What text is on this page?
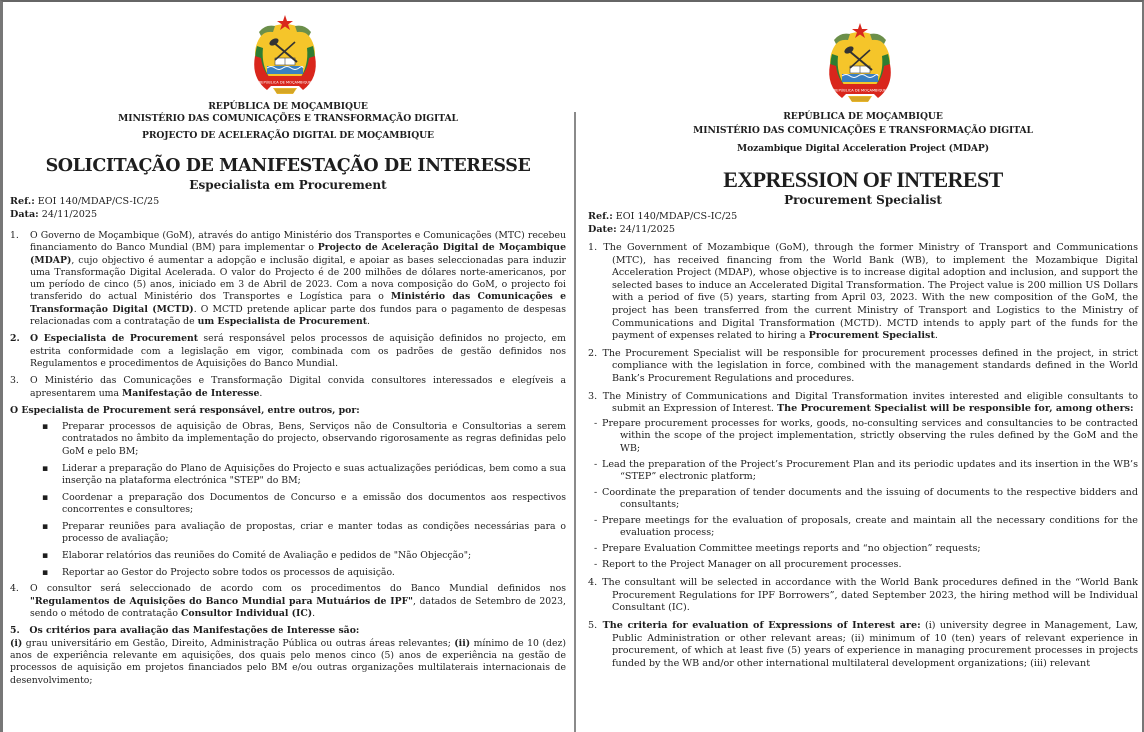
REPÚBLICA DE MOÇAMBIQUE
REPÚBLICA DE MOÇAMBIQUE
MINISTÉRIO DAS COMUNICAÇÕES E TRANSFORMAÇÃO DIGITAL
PROJECTO DE ACELERAÇÃO DIGITAL DE MOÇAMBIQUE
SOLICITAÇÃO DE MANIFESTAÇÃO DE INTERESSE
Especialista em Procurement
Ref.: EOI 140/MDAP/CS-IC/25
Data: 24/11/2025
1. O Governo de Moçambique (GoM), através do antigo Ministério dos Transportes e Comunicações (MTC) recebeu financiamento do Banco Mundial (BM) para implementar o Projecto de Aceleração Digital de Moçambique (MDAP), cujo objectivo é aumentar a adopção e inclusão digital, e apoiar as bases seleccionadas para induzir uma Transformação Digital Acelerada. O valor do Projecto é de 200 milhões de dólares norte-americanos, por um período de cinco (5) anos, iniciado em 3 de Abril de 2023. Com a nova composição do GoM, o projecto foi transferido do actual Ministério dos Transportes e Logística para o Ministério das Comunicações e Transformação Digital (MCTD). O MCTD pretende aplicar parte dos fundos para o pagamento de despesas relacionadas com a contratação de um Especialista de Procurement.
2. O Especialista de Procurement será responsável pelos processos de aquisição definidos no projecto, em estrita conformidade com a legislação em vigor, combinada com os padrões de gestão definidos nos Regulamentos e procedimentos de Aquisições do Banco Mundial.
3. O Ministério das Comunicações e Transformação Digital convida consultores interessados e elegíveis a apresentarem uma Manifestação de Interesse.
O Especialista de Procurement será responsável, entre outros, por:
▪ Preparar processos de aquisição de Obras, Bens, Serviços não de Consultoria e Consultorias a serem contratados no âmbito da implementação do projecto, observando rigorosamente as regras definidas pelo GoM e pelo BM;
▪ Liderar a preparação do Plano de Aquisições do Projecto e suas actualizações periódicas, bem como a sua inserção na plataforma electrónica "STEP" do BM;
▪ Coordenar a preparação dos Documentos de Concurso e a emissão dos documentos aos respectivos concorrentes e consultores;
▪ Preparar reuniões para avaliação de propostas, criar e manter todas as condições necessárias para o processo de avaliação;
▪ Elaborar relatórios das reuniões do Comité de Avaliação e pedidos de "Não Objecção";
▪ Reportar ao Gestor do Projecto sobre todos os processos de aquisição.
4. O consultor será seleccionado de acordo com os procedimentos do Banco Mundial definidos nos "Regulamentos de Aquisições do Banco Mundial para Mutuários de IPF", datados de Setembro de 2023, sendo o método de contratação Consultor Individual (IC).
5.   Os critérios para avaliação das Manifestações de Interesse são:
(i) grau universitário em Gestão, Direito, Administração Pública ou outras áreas relevantes; (ii) mínimo de 10 (dez) anos de experiência relevante em aquisições, dos quais pelo menos cinco (5) anos de experiência na gestão de processos de aquisição em projetos financiados pelo BM e/ou outras organizações multilaterais internacionais de desenvolvimento;
REPÚBLICA DE MOÇAMBIQUE
REPÚBLICA DE MOÇAMBIQUE
MINISTÉRIO DAS COMUNICAÇÕES E TRANSFORMAÇÃO DIGITAL
Mozambique Digital Acceleration Project (MDAP)
EXPRESSION OF INTEREST
Procurement Specialist
Ref.: EOI 140/MDAP/CS-IC/25
Date: 24/11/2025
1. The Government of Mozambique (GoM), through the former Ministry of Transport and Communications (MTC), has received financing from the World Bank (WB), to implement the Mozambique Digital Acceleration Project (MDAP), whose objective is to increase digital adoption and inclusion, and support the selected bases to induce an Accelerated Digital Transformation. The Project value is 200 million US Dollars with a period of five (5) years, starting from April 03, 2023. With the new composition of the GoM, the project has been transferred from the current Ministry of Transport and Logistics to the Ministry of Communications and Digital Transformation (MCTD). MCTD intends to apply part of the funds for the payment of expenses related to hiring a Procurement Specialist.
2. The Procurement Specialist will be responsible for procurement processes defined in the project, in strict compliance with the legislation in force, combined with the management standards defined in the World Bank’s Procurement Regulations and procedures.
3. The Ministry of Communications and Digital Transformation invites interested and eligible consultants to submit an Expression of Interest. The Procurement Specialist will be responsible for, among others:
- Prepare procurement processes for works, goods, no-consulting services and consultancies to be contracted within the scope of the project implementation, strictly observing the rules defined by the GoM and the WB;
- Lead the preparation of the Project’s Procurement Plan and its periodic updates and its insertion in the WB’s “STEP” electronic platform;
- Coordinate the preparation of tender documents and the issuing of documents to the respective bidders and consultants;
- Prepare meetings for the evaluation of proposals, create and maintain all the necessary conditions for the evaluation process;
- Prepare Evaluation Committee meetings reports and “no objection” requests;
- Report to the Project Manager on all procurement processes.
4. The consultant will be selected in accordance with the World Bank procedures defined in the “World Bank Procurement Regulations for IPF Borrowers”, dated September 2023, the hiring method will be Individual Consultant (IC).
5. The criteria for evaluation of Expressions of Interest are: (i) university degree in Management, Law, Public Administration or other relevant areas; (ii) minimum of 10 (ten) years of relevant experience in procurement, of which at least five (5) years of experience in managing procurement processes in projects funded by the WB and/or other international multilateral development organizations; (iii) relevant
